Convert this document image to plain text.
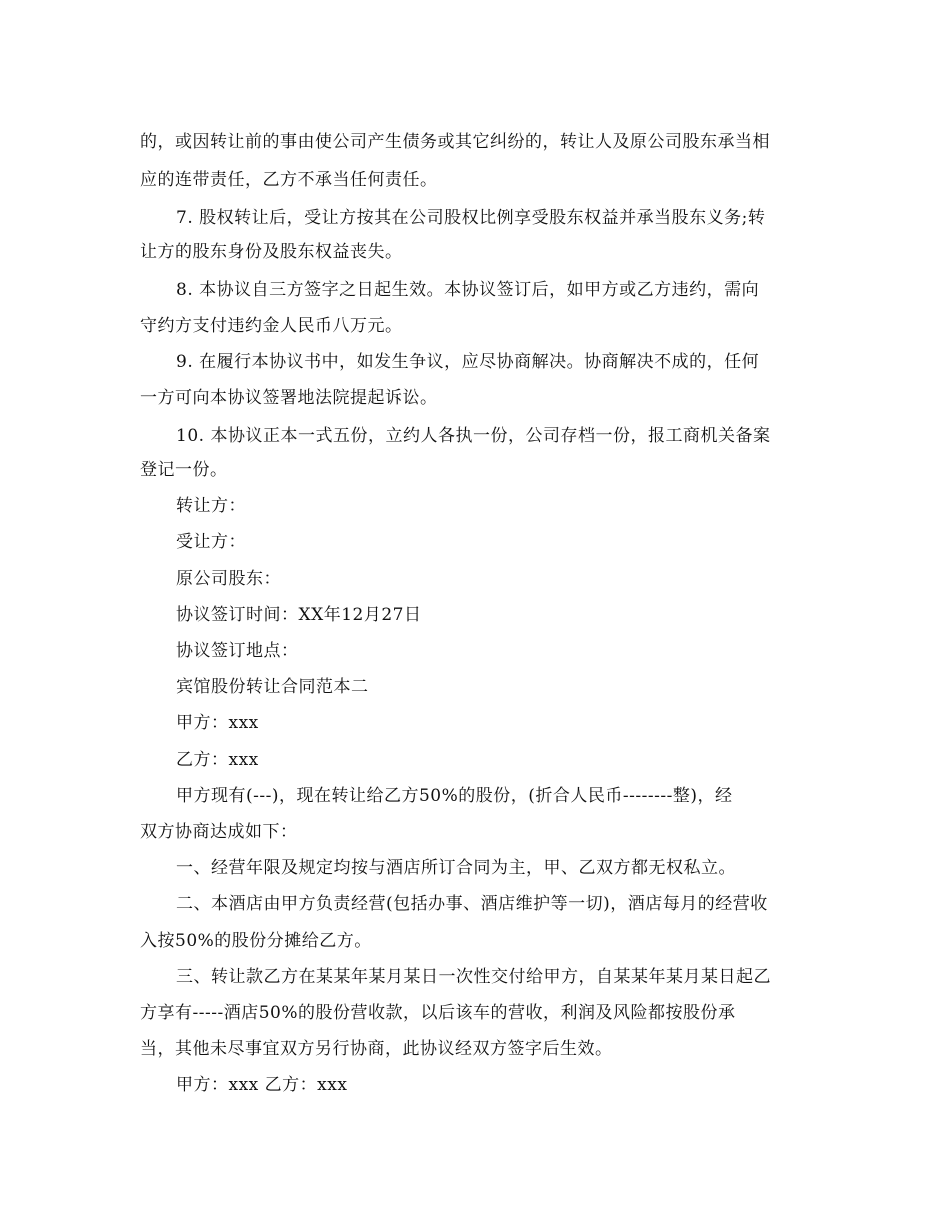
的，或因转让前的事由使公司产生债务或其它纠纷的，转让人及原公司股东承当相
应的连带责任，乙方不承当任何责任。
7. 股权转让后，受让方按其在公司股权比例享受股东权益并承当股东义务;转
让方的股东身份及股东权益丧失。
8. 本协议自三方签字之日起生效。本协议签订后，如甲方或乙方违约，需向
守约方支付违约金人民币八万元。
9. 在履行本协议书中，如发生争议，应尽协商解决。协商解决不成的，任何
一方可向本协议签署地法院提起诉讼。
10. 本协议正本一式五份，立约人各执一份，公司存档一份，报工商机关备案
登记一份。
转让方：
受让方：
原公司股东：
协议签订时间：XX年12月27日
协议签订地点：
宾馆股份转让合同范本二
甲方：xxx
乙方：xxx
甲方现有(---)，现在转让给乙方50%的股份，(折合人民币--------整)，经
双方协商达成如下：
一、经营年限及规定均按与酒店所订合同为主，甲、乙双方都无权私立。
二、本酒店由甲方负责经营(包括办事、酒店维护等一切)，酒店每月的经营收
入按50%的股份分摊给乙方。
三、转让款乙方在某某年某月某日一次性交付给甲方，自某某年某月某日起乙
方享有-----酒店50%的股份营收款，以后该车的营收，利润及风险都按股份承
当，其他未尽事宜双方另行协商，此协议经双方签字后生效。
甲方：xxx 乙方：xxx
